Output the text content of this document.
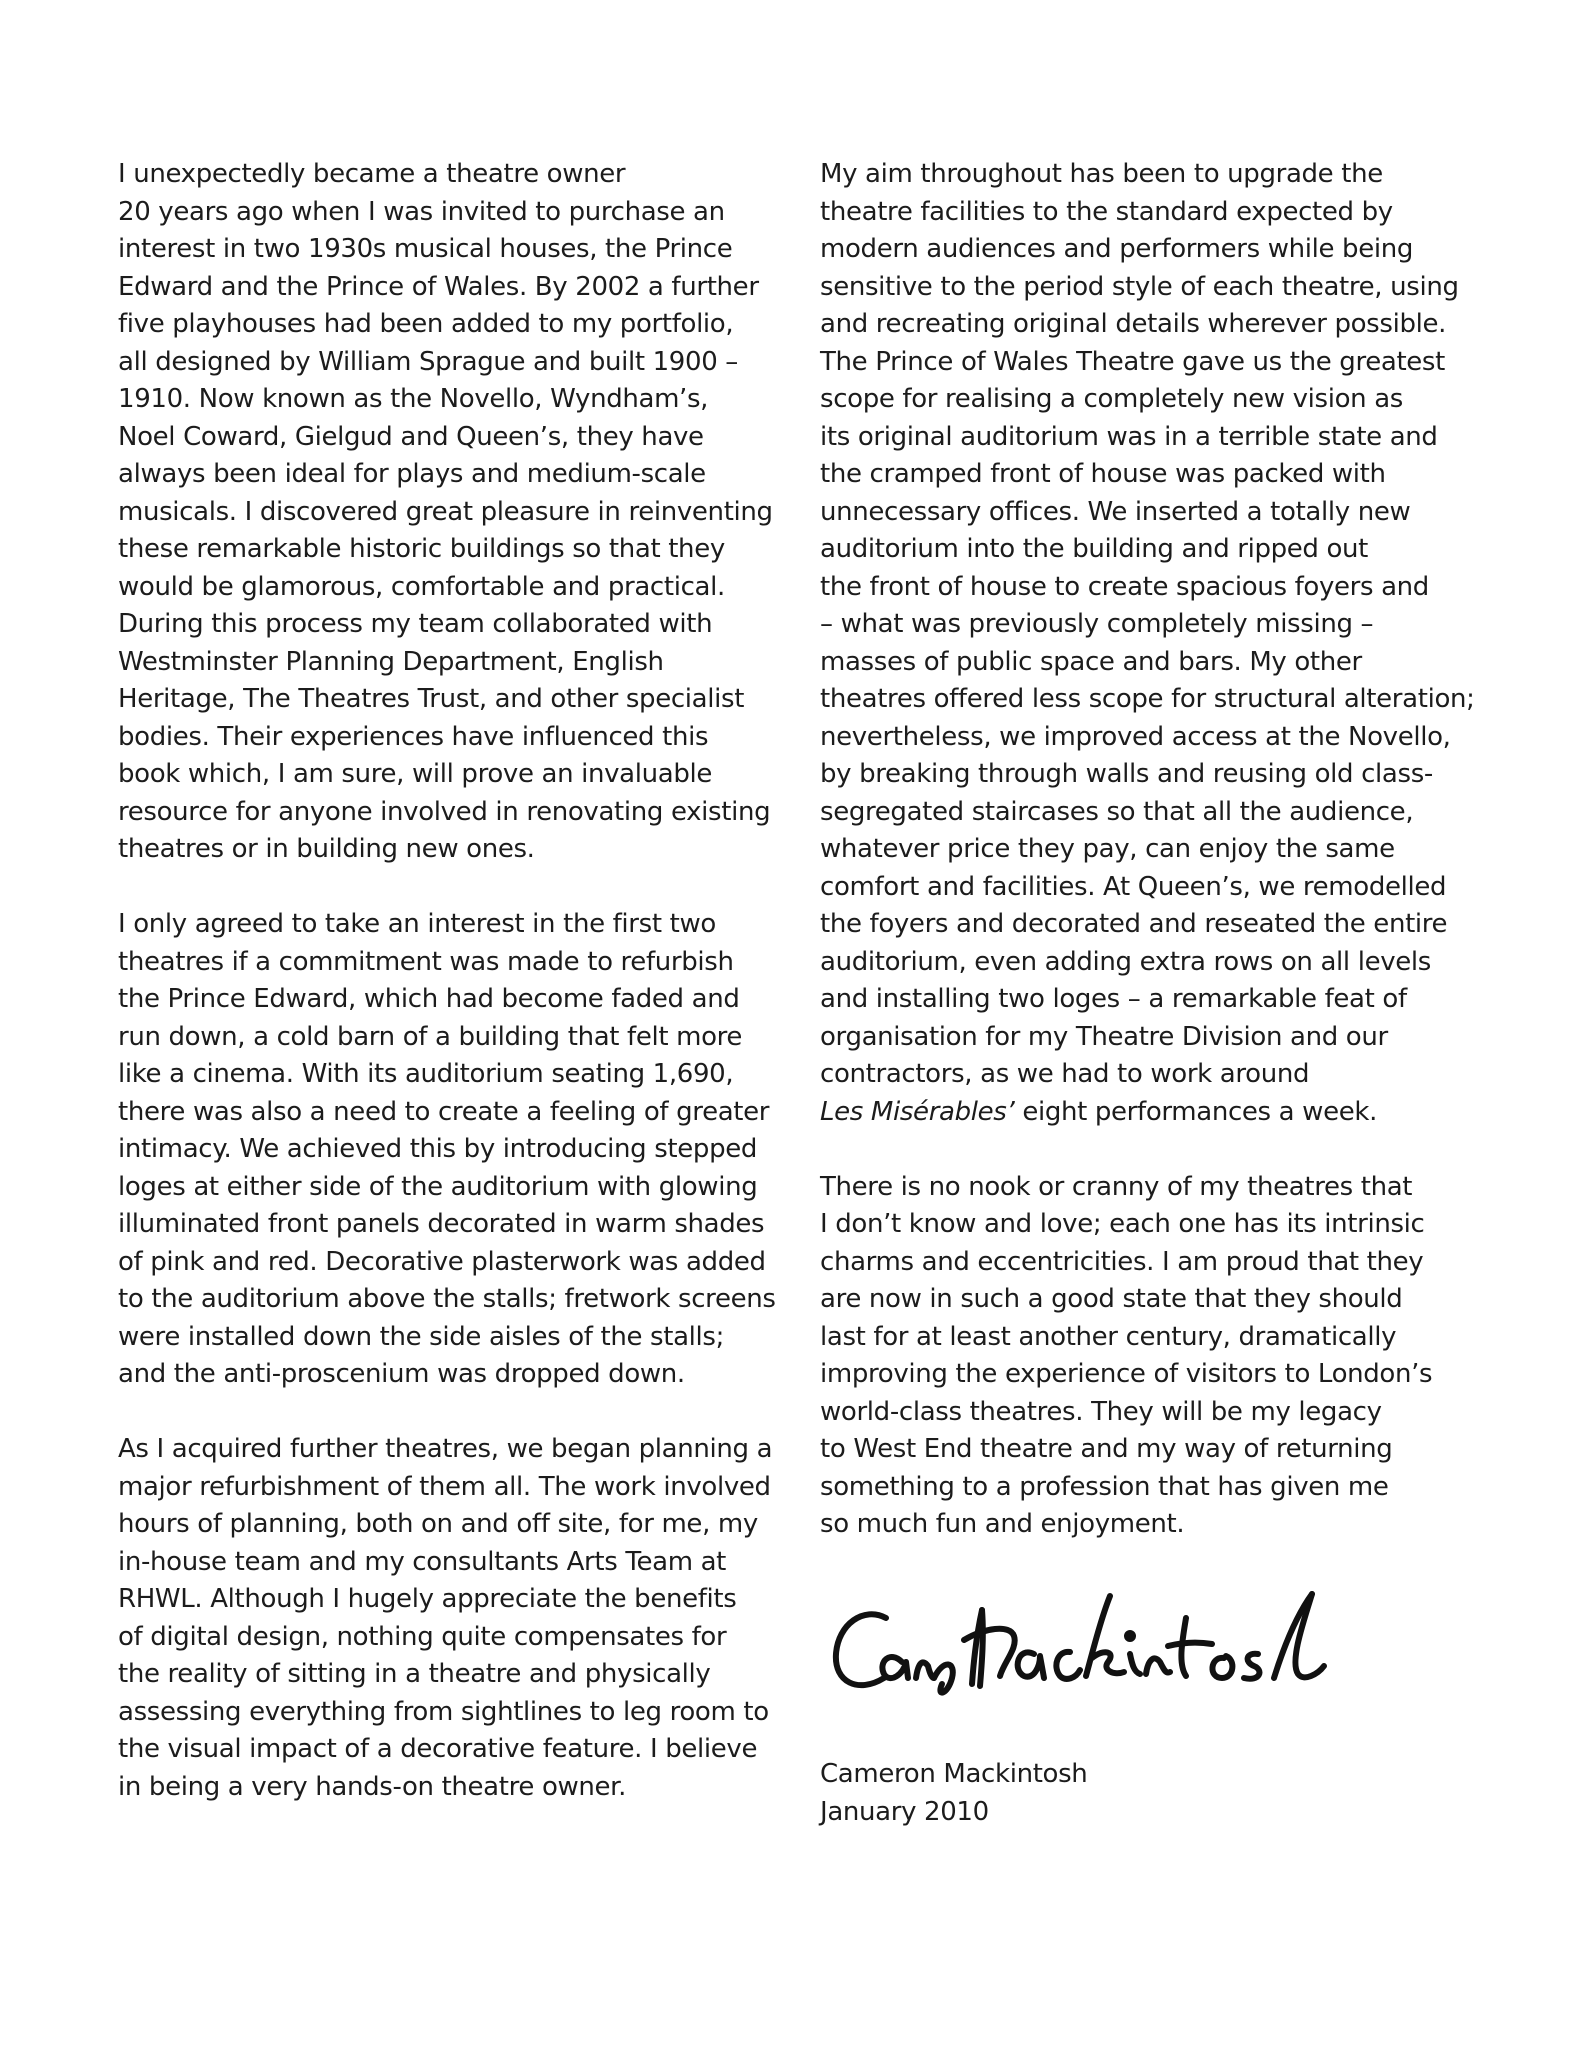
I unexpectedly became a theatre owner
20 years ago when I was invited to purchase an
interest in two 1930s musical houses, the Prince
Edward and the Prince of Wales. By 2002 a further
five playhouses had been added to my portfolio,
all designed by William Sprague and built 1900 –
1910. Now known as the Novello, Wyndham’s,
Noel Coward, Gielgud and Queen’s, they have
always been ideal for plays and medium-scale
musicals. I discovered great pleasure in reinventing
these remarkable historic buildings so that they
would be glamorous, comfortable and practical.
During this process my team collaborated with
Westminster Planning Department, English
Heritage, The Theatres Trust, and other specialist
bodies. Their experiences have influenced this
book which, I am sure, will prove an invaluable
resource for anyone involved in renovating existing
theatres or in building new ones.
I only agreed to take an interest in the first two
theatres if a commitment was made to refurbish
the Prince Edward, which had become faded and
run down, a cold barn of a building that felt more
like a cinema. With its auditorium seating 1,690,
there was also a need to create a feeling of greater
intimacy. We achieved this by introducing stepped
loges at either side of the auditorium with glowing
illuminated front panels decorated in warm shades
of pink and red. Decorative plasterwork was added
to the auditorium above the stalls; fretwork screens
were installed down the side aisles of the stalls;
and the anti-proscenium was dropped down.
As I acquired further theatres, we began planning a
major refurbishment of them all. The work involved
hours of planning, both on and off site, for me, my
in-house team and my consultants Arts Team at
RHWL. Although I hugely appreciate the benefits
of digital design, nothing quite compensates for
the reality of sitting in a theatre and physically
assessing everything from sightlines to leg room to
the visual impact of a decorative feature. I believe
in being a very hands-on theatre owner.
My aim throughout has been to upgrade the
theatre facilities to the standard expected by
modern audiences and performers while being
sensitive to the period style of each theatre, using
and recreating original details wherever possible.
The Prince of Wales Theatre gave us the greatest
scope for realising a completely new vision as
its original auditorium was in a terrible state and
the cramped front of house was packed with
unnecessary offices. We inserted a totally new
auditorium into the building and ripped out
the front of house to create spacious foyers and
– what was previously completely missing –
masses of public space and bars. My other
theatres offered less scope for structural alteration;
nevertheless, we improved access at the Novello,
by breaking through walls and reusing old class-
segregated staircases so that all the audience,
whatever price they pay, can enjoy the same
comfort and facilities. At Queen’s, we remodelled
the foyers and decorated and reseated the entire
auditorium, even adding extra rows on all levels
and installing two loges – a remarkable feat of
organisation for my Theatre Division and our
contractors, as we had to work around
Les Misérables’ eight performances a week.
There is no nook or cranny of my theatres that
I don’t know and love; each one has its intrinsic
charms and eccentricities. I am proud that they
are now in such a good state that they should
last for at least another century, dramatically
improving the experience of visitors to London’s
world-class theatres. They will be my legacy
to West End theatre and my way of returning
something to a profession that has given me
so much fun and enjoyment.
Cameron Mackintosh
January 2010
